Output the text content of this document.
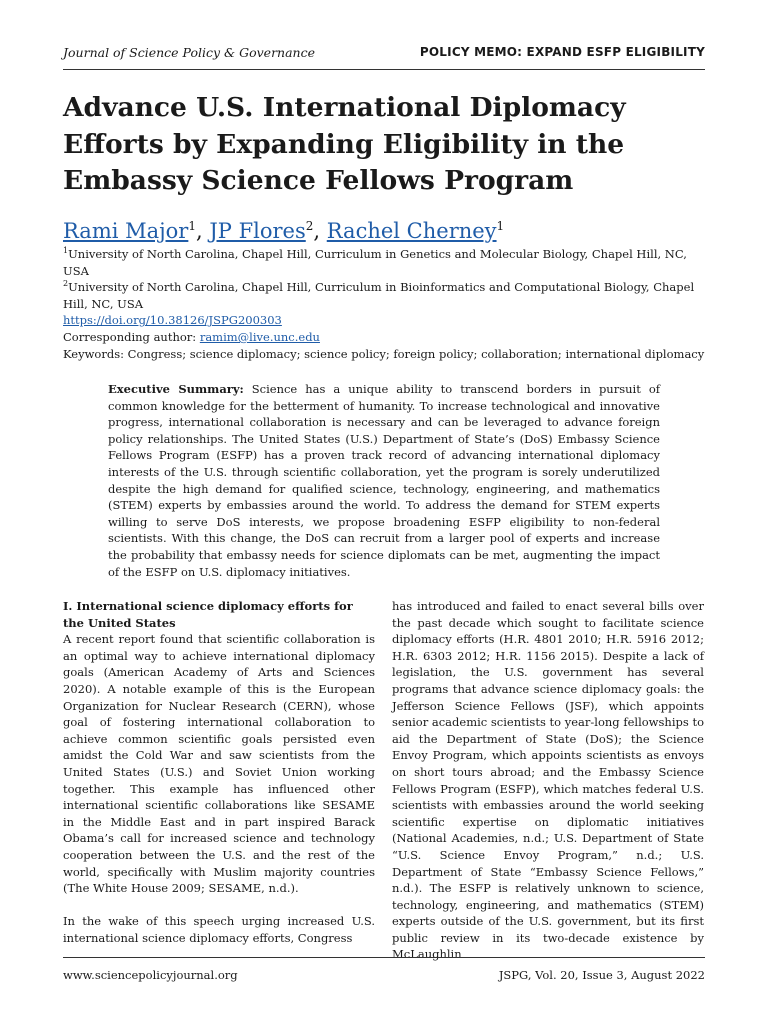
Journal of Science Policy & Governance	POLICY MEMO: EXPAND ESFP ELIGIBILITY
Advance U.S. International Diplomacy Efforts by Expanding Eligibility in the Embassy Science Fellows Program
Rami Major$^1$, JP Flores$^2$, Rachel Cherney$^1$

$^1$University of North Carolina, Chapel Hill, Curriculum in Genetics and Molecular Biology, Chapel Hill, NC, USA

$^2$University of North Carolina, Chapel Hill, Curriculum in Bioinformatics and Computational Biology, Chapel Hill, NC, USA

https://doi.org/10.38126/JSPG200303

Corresponding author: ramim@live.unc.edu

Keywords: Congress; science diplomacy; science policy; foreign policy; collaboration; international diplomacy

Executive Summary: Science has a unique ability to transcend borders in pursuit of common knowledge for the betterment of humanity. To increase technological and innovative progress, international collaboration is necessary and can be leveraged to advance foreign policy relationships. The United States (U.S.) Department of State’s (DoS) Embassy Science Fellows Program (ESFP) has a proven track record of advancing international diplomacy interests of the U.S. through scientific collaboration, yet the program is sorely underutilized despite the high demand for qualified science, technology, engineering, and mathematics (STEM) experts by embassies around the world. To address the demand for STEM experts willing to serve DoS interests, we propose broadening ESFP eligibility to non-federal scientists. With this change, the DoS can recruit from a larger pool of experts and increase the probability that embassy needs for science diplomats can be met, augmenting the impact of the ESFP on U.S. diplomacy initiatives.

I. International science diplomacy efforts for the United States

A recent report found that scientific collaboration is an optimal way to achieve international diplomacy goals (American Academy of Arts and Sciences 2020). A notable example of this is the European Organization for Nuclear Research (CERN), whose goal of fostering international collaboration to achieve common scientific goals persisted even amidst the Cold War and saw scientists from the United States (U.S.) and Soviet Union working together. This example has influenced other international scientific collaborations like SESAME in the Middle East and in part inspired Barack Obama’s call for increased science and technology cooperation between the U.S. and the rest of the world, specifically with Muslim majority countries (The White House 2009; SESAME, n.d.).

In the wake of this speech urging increased U.S. international science diplomacy efforts, Congress

has introduced and failed to enact several bills over the past decade which sought to facilitate science diplomacy efforts (H.R. 4801 2010; H.R. 5916 2012; H.R. 6303 2012; H.R. 1156 2015). Despite a lack of legislation, the U.S. government has several programs that advance science diplomacy goals: the Jefferson Science Fellows (JSF), which appoints senior academic scientists to year-long fellowships to aid the Department of State (DoS); the Science Envoy Program, which appoints scientists as envoys on short tours abroad; and the Embassy Science Fellows Program (ESFP), which matches federal U.S. scientists with embassies around the world seeking scientific expertise on diplomatic initiatives (National Academies, n.d.; U.S. Department of State “U.S. Science Envoy Program,” n.d.; U.S. Department of State “Embassy Science Fellows,” n.d.). The ESFP is relatively unknown to science, technology, engineering, and mathematics (STEM) experts outside of the U.S. government, but its first public review in its two-decade existence by McLaughlin

www.sciencepolicyjournal.org	JSPG, Vol. 20, Issue 3, August 2022
